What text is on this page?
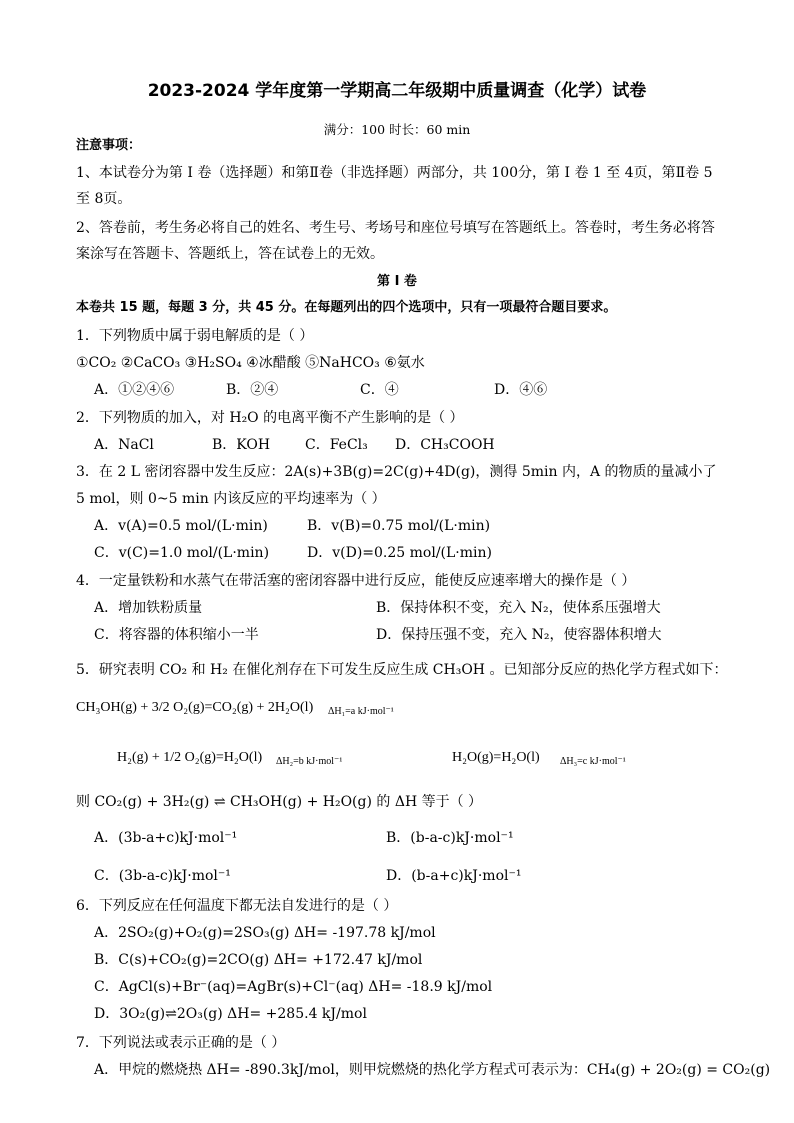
2023-2024 学年度第一学期高二年级期中质量调查（化学）试卷
满分：100 时长：60 min
注意事项：
1、本试卷分为第 I 卷（选择题）和第Ⅱ卷（非选择题）两部分，共 100分，第 I 卷 1 至 4页，第Ⅱ卷 5
至 8页。
2、答卷前，考生务必将自己的姓名、考生号、考场号和座位号填写在答题纸上。答卷时，考生务必将答
案涂写在答题卡、答题纸上，答在试卷上的无效。
第 I 卷
本卷共 15 题，每题 3 分，共 45 分。在每题列出的四个选项中，只有一项最符合题目要求。
1．下列物质中属于弱电解质的是（ ）
①CO₂ ②CaCO₃ ③H₂SO₄ ④冰醋酸 ⑤NaHCO₃ ⑥氨水
A．①②④⑥	B．②④	C．④	D．④⑥
2．下列物质的加入，对 H₂O 的电离平衡不产生影响的是（ ）
A．NaCl	B．KOH C．FeCl₃ D．CH₃COOH
3．在 2 L 密闭容器中发生反应：2A(s)+3B(g)=2C(g)+4D(g)，测得 5min 内，A 的物质的量减小了
5 mol，则 0~5 min 内该反应的平均速率为（ ）
A．v(A)=0.5 mol/(L·min)	B．v(B)=0.75 mol/(L·min)
C．v(C)=1.0 mol/(L·min)	D．v(D)=0.25 mol/(L·min)
4．一定量铁粉和水蒸气在带活塞的密闭容器中进行反应，能使反应速率增大的操作是（ ）
A．增加铁粉质量	B．保持体积不变，充入 N₂，使体系压强增大
C．将容器的体积缩小一半	D．保持压强不变，充入 N₂，使容器体积增大
5．研究表明 CO₂ 和 H₂ 在催化剂存在下可发生反应生成 CH₃OH 。已知部分反应的热化学方程式如下：
CH₃OH(g) + 3/2 O₂(g)=CO₂(g) + 2H₂O(l) ΔH₁=a kJ·mol⁻¹
H₂(g) + 1/2 O₂(g)=H₂O(l) ΔH₂=b kJ·mol⁻¹	H₂O(g)=H₂O(l) ΔH₃=c kJ·mol⁻¹
则 CO₂(g) + 3H₂(g) ⇌ CH₃OH(g) + H₂O(g) 的 ΔH 等于（ ）
A．(3b-a+c)kJ·mol⁻¹	B．(b-a-c)kJ·mol⁻¹
C．(3b-a-c)kJ·mol⁻¹	D．(b-a+c)kJ·mol⁻¹
6．下列反应在任何温度下都无法自发进行的是（ ）
A．2SO₂(g)+O₂(g)=2SO₃(g) ΔH= -197.78 kJ/mol
B．C(s)+CO₂(g)=2CO(g) ΔH= +172.47 kJ/mol
C．AgCl(s)+Br⁻(aq)=AgBr(s)+Cl⁻(aq) ΔH= -18.9 kJ/mol
D．3O₂(g)⇌2O₃(g) ΔH= +285.4 kJ/mol
7．下列说法或表示正确的是（ ）
A．甲烷的燃烧热 ΔH= -890.3kJ/mol，则甲烷燃烧的热化学方程式可表示为：CH₄(g) + 2O₂(g) = CO₂(g)
